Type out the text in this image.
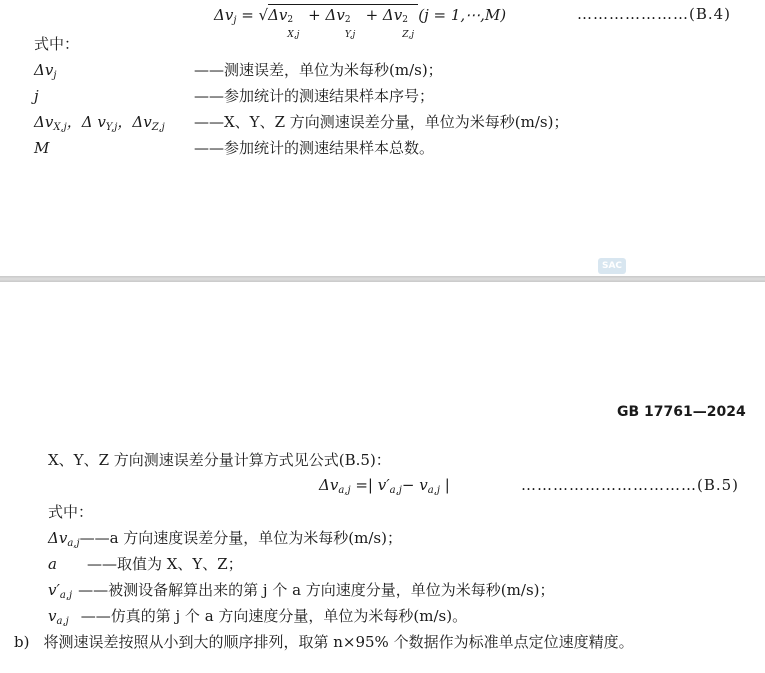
$\Delta v_j = √\Delta v$ 2
X,j
+ Δv 2
Y,j
+ Δv 2
Z,j
(j = 1,⋯,M)	…………………(B.4)
式中：
$\Delta v_j$	——测速误差，单位为米每秒(m/s)；
j	——参加统计的测速结果样本序号；
$\Delta v_{X,j}$，Δ $v_{Y,j}$，$\Delta v_{Z,j}$ ——X、Y、Z 方向测速误差分量，单位为米每秒(m/s)；
M	——参加统计的测速结果样本总数。
SAC
GB 17761—2024
X、Y、Z 方向测速误差分量计算方式见公式(B.5)：
$\Delta v_{a,j}$ =| $v'_{a,j}- v_{a,j}$ |	……………………………(B.5)
式中：
$\Delta v_{a,j}——a$ 方向速度误差分量，单位为米每秒(m/s)；
a ——取值为 X、Y、Z；
$v'_{a,j}$ ——被测设备解算出来的第 j 个 a 方向速度分量，单位为米每秒(m/s)；
$v_{a,j}$ ——仿真的第 j 个 a 方向速度分量，单位为米每秒(m/s)。
b) 将测速误差按照从小到大的顺序排列，取第 n×95% 个数据作为标准单点定位速度精度。
